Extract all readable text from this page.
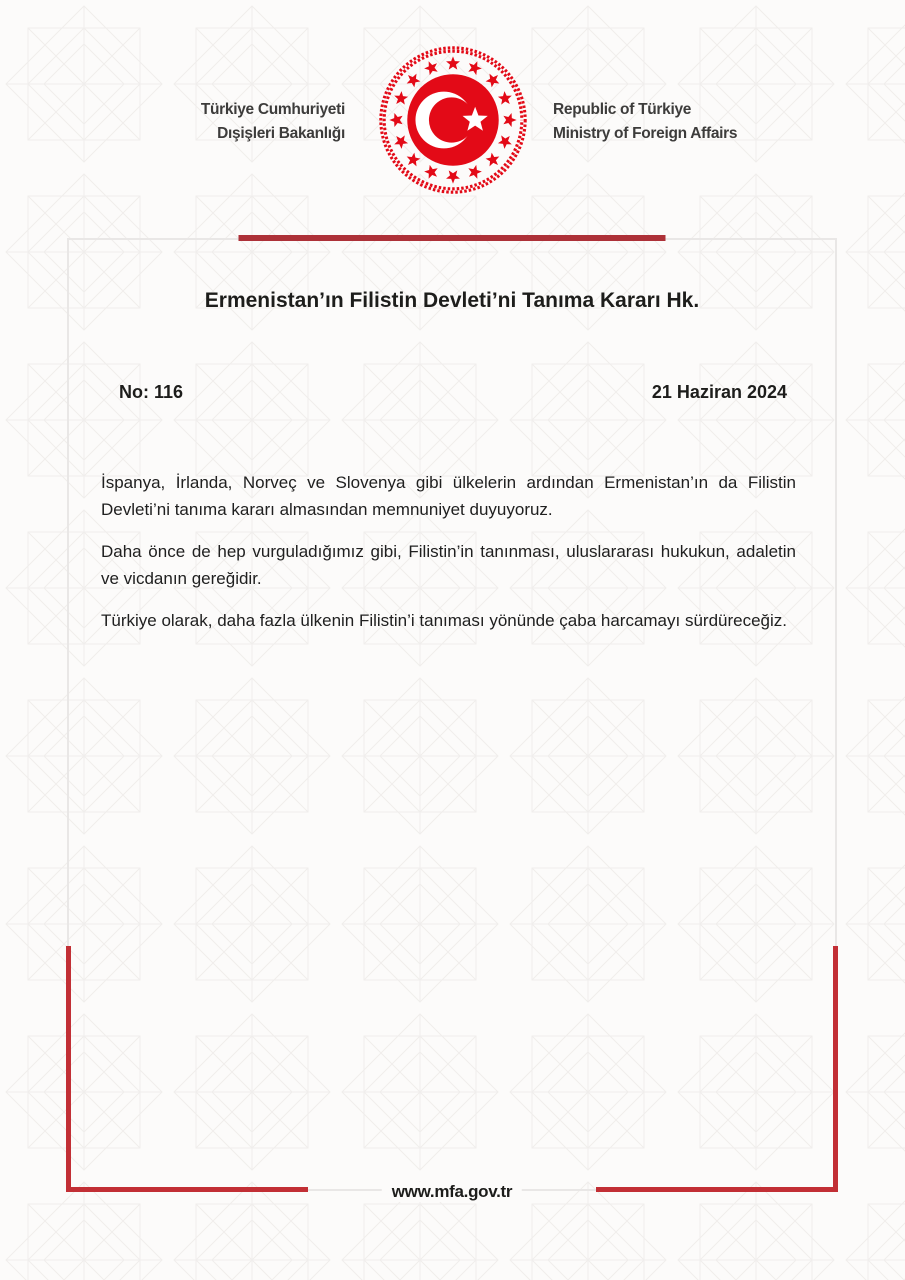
Türkiye Cumhuriyeti
Dışişleri Bakanlığı
Republic of Türkiye
Ministry of Foreign Affairs
Ermenistan’ın Filistin Devleti’ni Tanıma Kararı Hk.
No: 116	21 Haziran 2024

İspanya, İrlanda, Norveç ve Slovenya gibi ülkelerin ardından Ermenistan’ın da Filistin Devleti’ni tanıma kararı almasından memnuniyet duyuyoruz.

Daha önce de hep vurguladığımız gibi, Filistin’in tanınması, uluslararası hukukun, adaletin ve vicdanın gereğidir.

Türkiye olarak, daha fazla ülkenin Filistin’i tanıması yönünde çaba harcamayı sürdüreceğiz.

www.mfa.gov.tr
